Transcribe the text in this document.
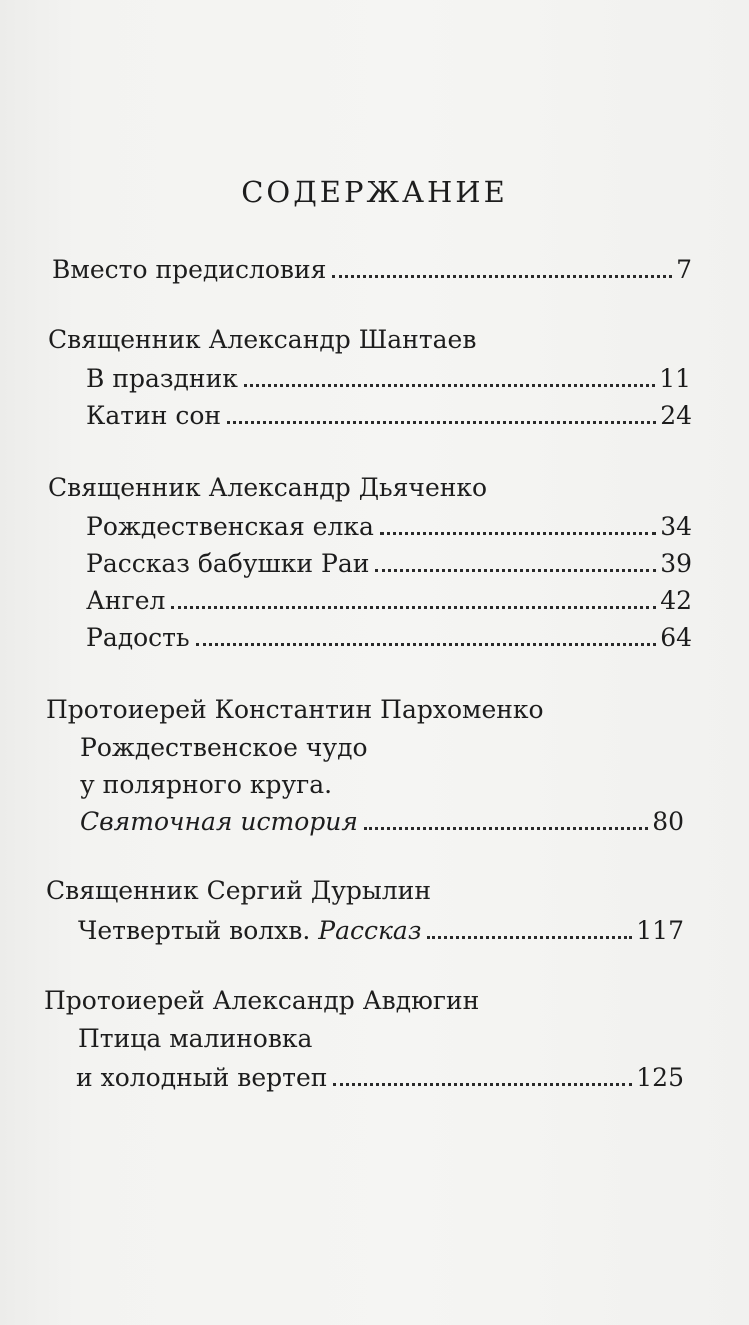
СОДЕРЖАНИЕ
Вместо предисловия	7
Священник Александр Шантаев
В праздник	11
Катин сон	24
Священник Александр Дьяченко
Рождественская елка	34
Рассказ бабушки Раи	39
Ангел	42
Радость	64
Протоиерей Константин Пархоменко
Рождественское чудо
у полярного круга.
Святочная история	80
Священник Сергий Дурылин
Четвертый волхв. Рассказ	117
Протоиерей Александр Авдюгин
Птица малиновка
и холодный вертеп	125
